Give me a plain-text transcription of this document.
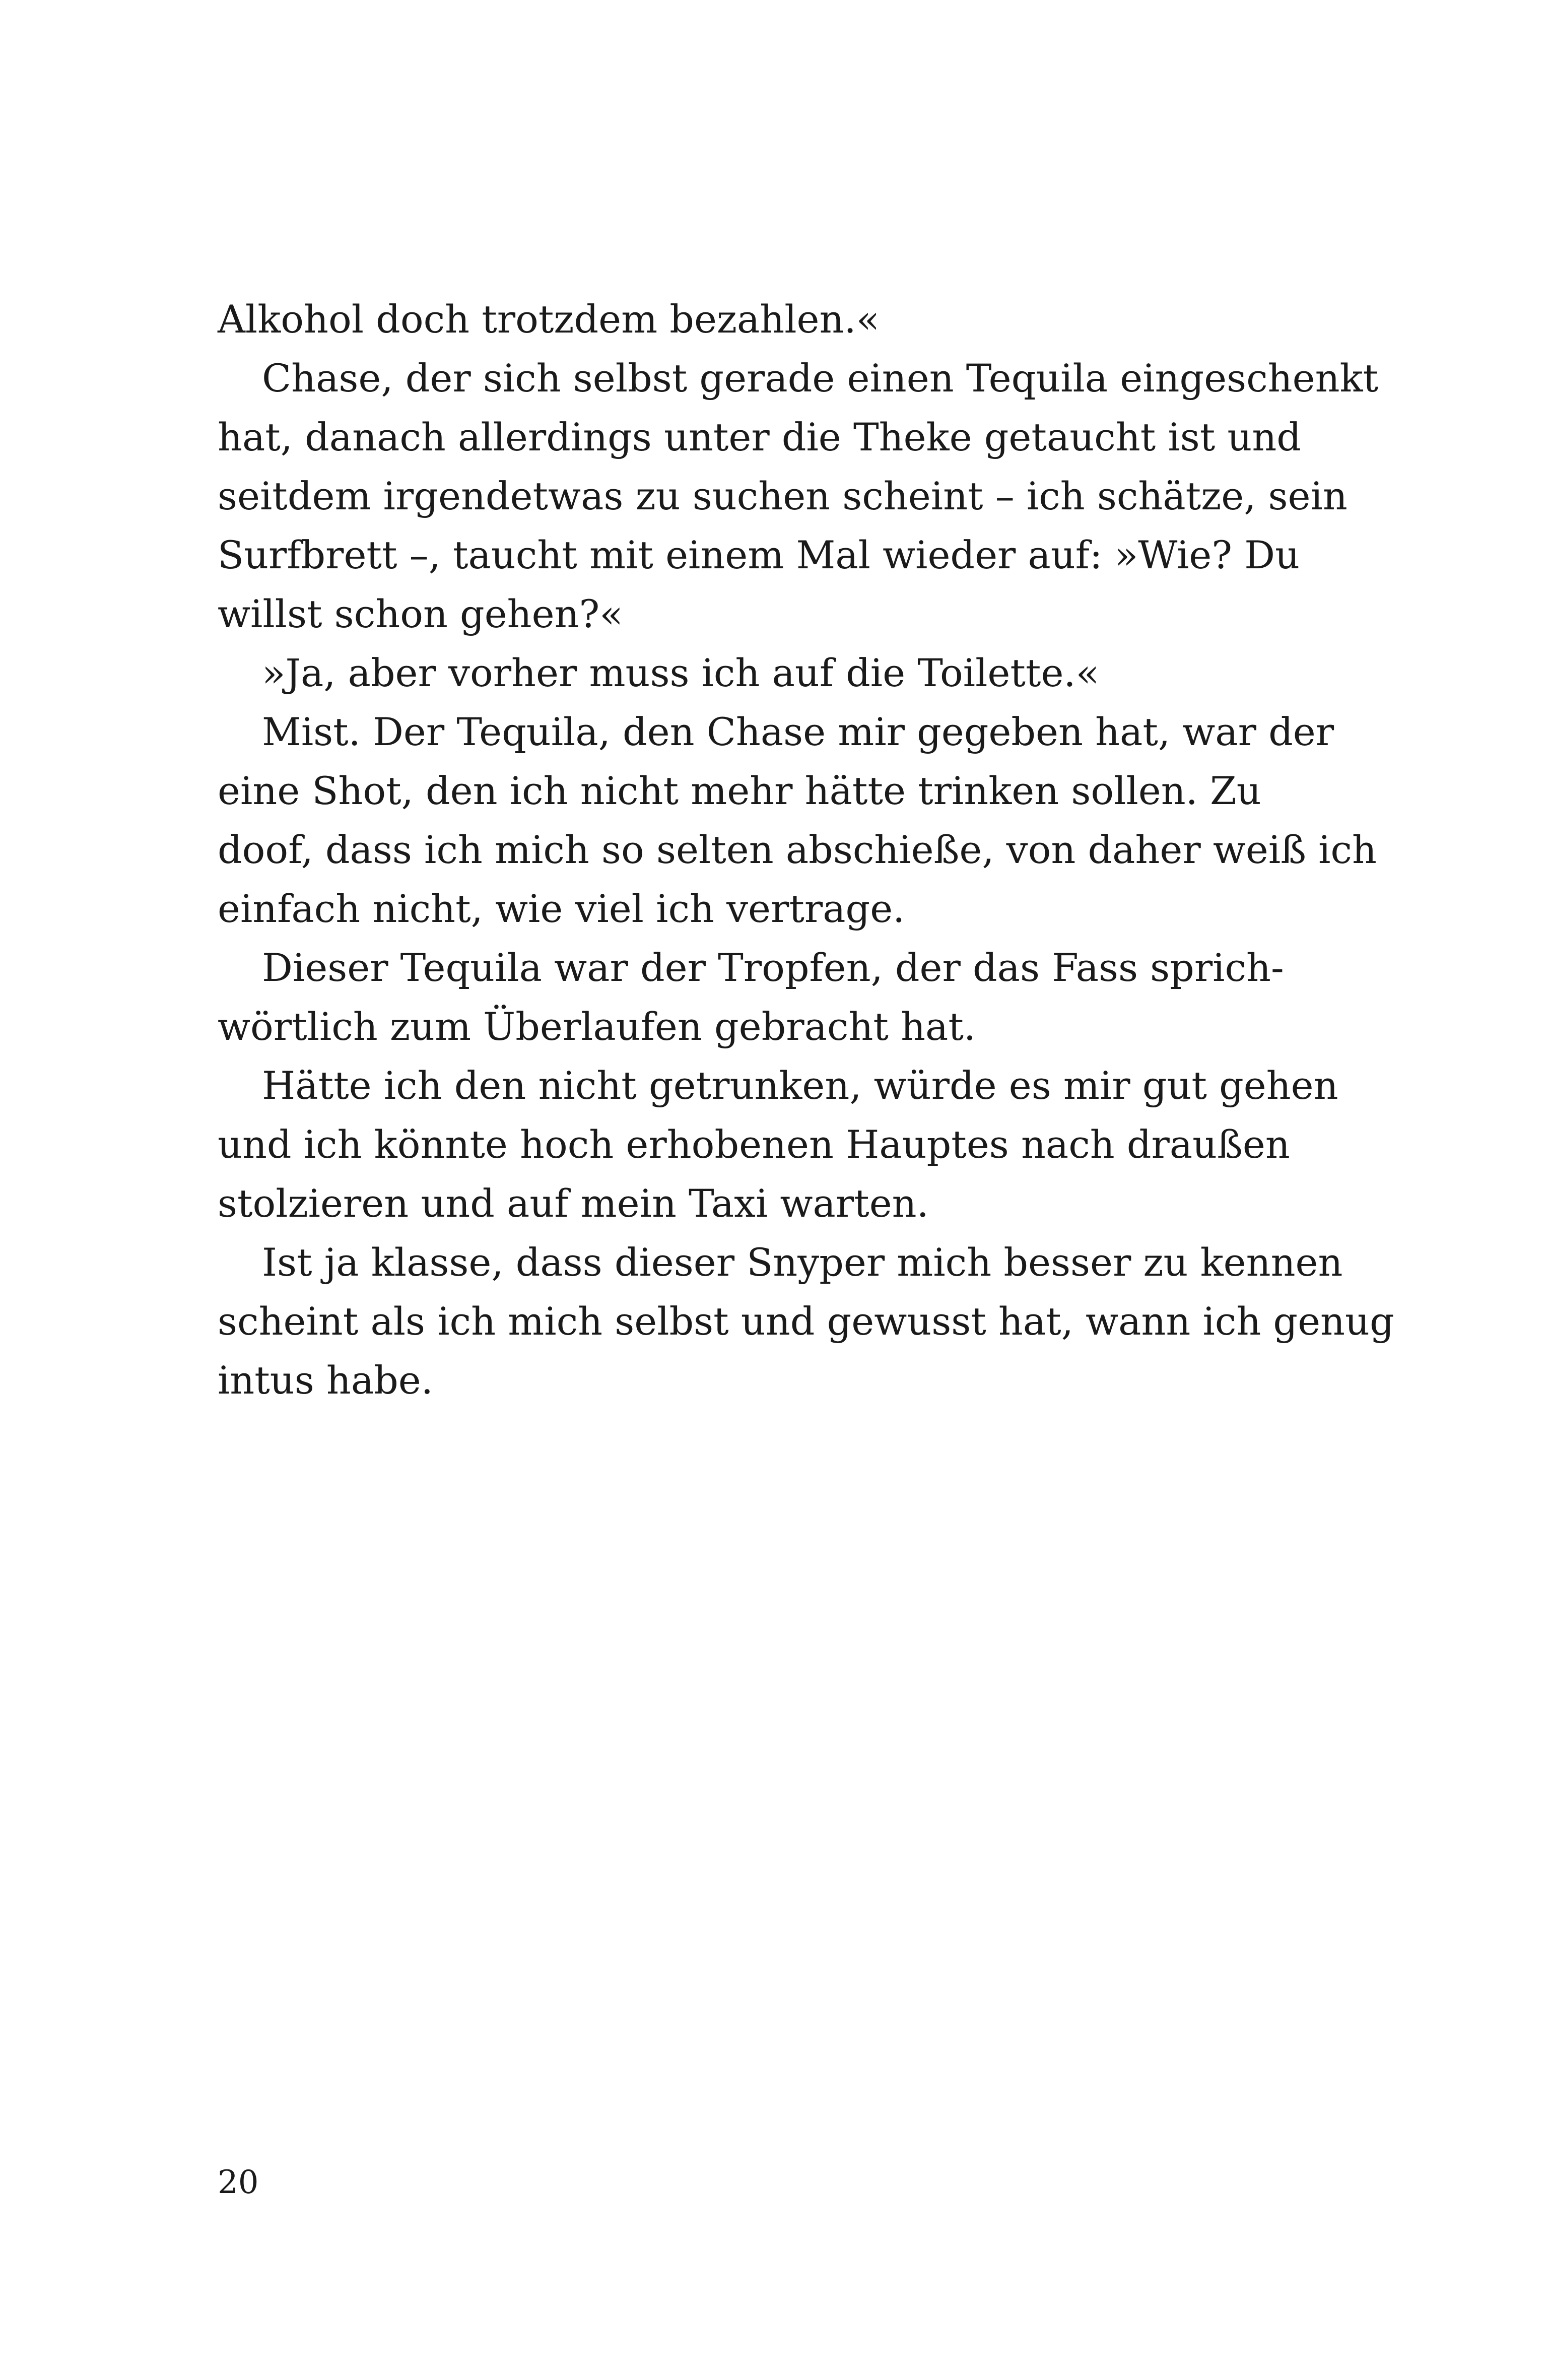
Alkohol doch trotzdem bezahlen.«
Chase, der sich selbst gerade einen Tequila eingeschenkt
hat, danach allerdings unter die Theke getaucht ist und
seitdem irgendetwas zu suchen scheint – ich schätze, sein
Surfbrett –, taucht mit einem Mal wieder auf: »Wie? Du
willst schon gehen?«
»Ja, aber vorher muss ich auf die Toilette.«
Mist. Der Tequila, den Chase mir gegeben hat, war der
eine Shot, den ich nicht mehr hätte trinken sollen. Zu
doof, dass ich mich so selten abschieße, von daher weiß ich
einfach nicht, wie viel ich vertrage.
Dieser Tequila war der Tropfen, der das Fass sprich-
wörtlich zum Überlaufen gebracht hat.
Hätte ich den nicht getrunken, würde es mir gut gehen
und ich könnte hoch erhobenen Hauptes nach draußen
stolzieren und auf mein Taxi warten.
Ist ja klasse, dass dieser Snyper mich besser zu kennen
scheint als ich mich selbst und gewusst hat, wann ich genug
intus habe.
20
